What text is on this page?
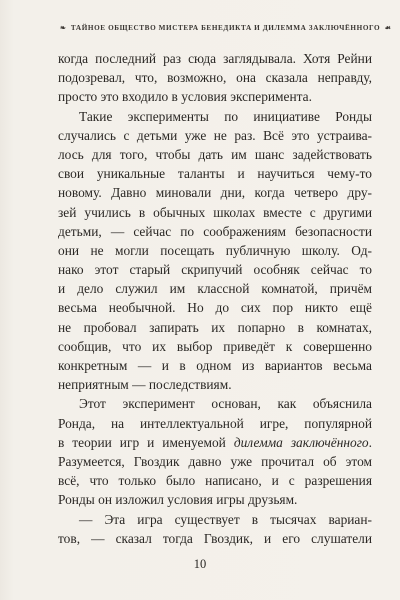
❧ ТАЙНОЕ ОБЩЕСТВО МИСТЕРА БЕНЕДИКТА И ДИЛЕММА ЗАКЛЮЧЁННОГО ☙
когда последний раз сюда заглядывала. Хотя Рейни
подозревал, что, возможно, она сказала неправду,
просто это входило в условия эксперимента.
Такие эксперименты по инициативе Ронды
случались с детьми уже не раз. Всё это устраива-
лось для того, чтобы дать им шанс задействовать
свои уникальные таланты и научиться чему-то
новому. Давно миновали дни, когда четверо дру-
зей учились в обычных школах вместе с другими
детьми, — сейчас по соображениям безопасности
они не могли посещать публичную школу. Од-
нако этот старый скрипучий особняк сейчас то
и дело служил им классной комнатой, причём
весьма необычной. Но до сих пор никто ещё
не пробовал запирать их попарно в комнатах,
сообщив, что их выбор приведёт к совершенно
конкретным — и в одном из вариантов весьма
неприятным — последствиям.
Этот эксперимент основан, как объяснила
Ронда, на интеллектуальной игре, популярной
в теории игр и именуемой дилемма заключённого.
Разумеется, Гвоздик давно уже прочитал об этом
всё, что только было написано, и с разрешения
Ронды он изложил условия игры друзьям.
— Эта игра существует в тысячах вариан-
тов, — сказал тогда Гвоздик, и его слушатели
10
